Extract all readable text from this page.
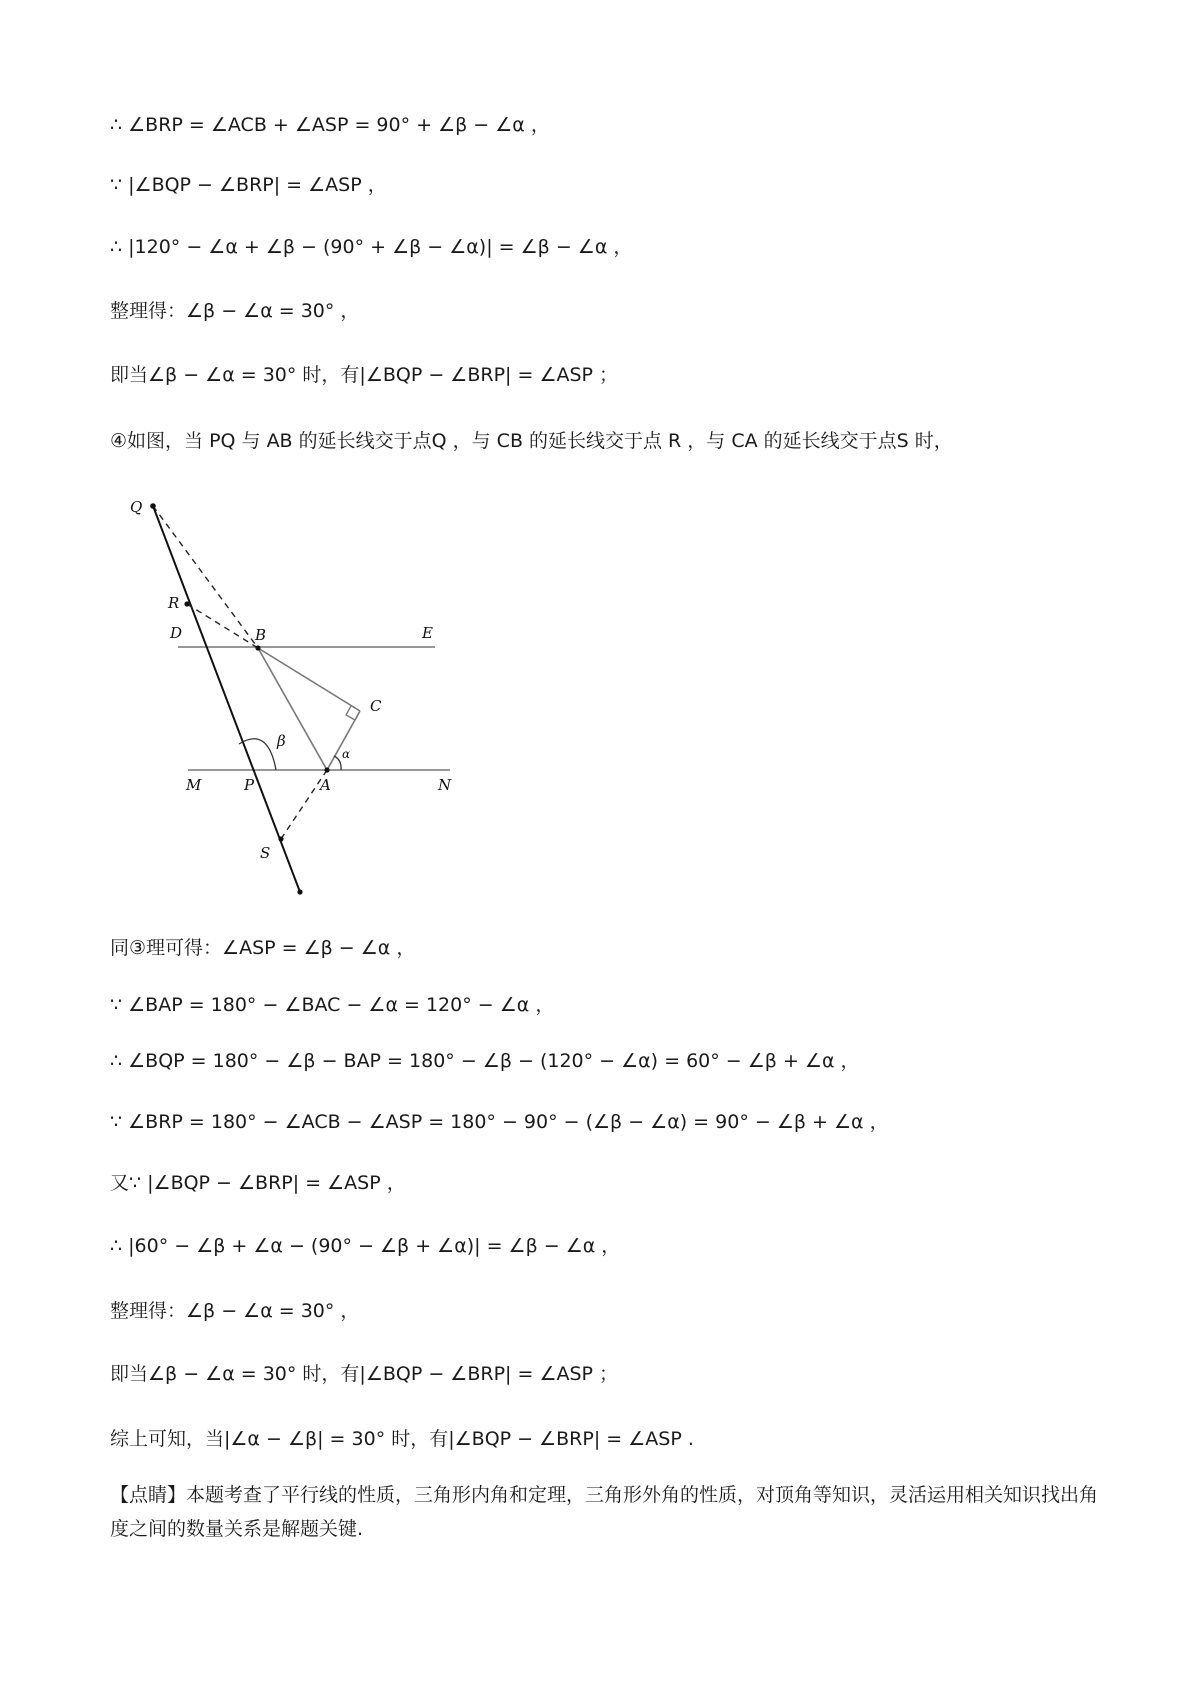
∴ ∠BRP = ∠ACB + ∠ASP = 90° + ∠β − ∠α ，
∵ |∠BQP − ∠BRP| = ∠ASP ，
∴ |120° − ∠α + ∠β − (90° + ∠β − ∠α)| = ∠β − ∠α ，
整理得：∠β − ∠α = 30° ，
即当∠β − ∠α = 30° 时，有|∠BQP − ∠BRP| = ∠ASP ；
④如图，当 PQ 与 AB 的延长线交于点Q ，与 CB 的延长线交于点 R ，与 CA 的延长线交于点S 时，
Q
R
D	B	E
C
β
α
M	P	A	N
S
同③理可得：∠ASP = ∠β − ∠α ，
∵ ∠BAP = 180° − ∠BAC − ∠α = 120° − ∠α ，
∴ ∠BQP = 180° − ∠β − BAP = 180° − ∠β − (120° − ∠α) = 60° − ∠β + ∠α ，
∵ ∠BRP = 180° − ∠ACB − ∠ASP = 180° − 90° − (∠β − ∠α) = 90° − ∠β + ∠α ，
又∵ |∠BQP − ∠BRP| = ∠ASP ，
∴ |60° − ∠β + ∠α − (90° − ∠β + ∠α)| = ∠β − ∠α ，
整理得：∠β − ∠α = 30° ，
即当∠β − ∠α = 30° 时，有|∠BQP − ∠BRP| = ∠ASP ；
综上可知，当|∠α − ∠β| = 30° 时，有|∠BQP − ∠BRP| = ∠ASP .
【点睛】本题考查了平行线的性质，三角形内角和定理，三角形外角的性质，对顶角等知识，灵活运用相关知识找出角度之间的数量关系是解题关键.
